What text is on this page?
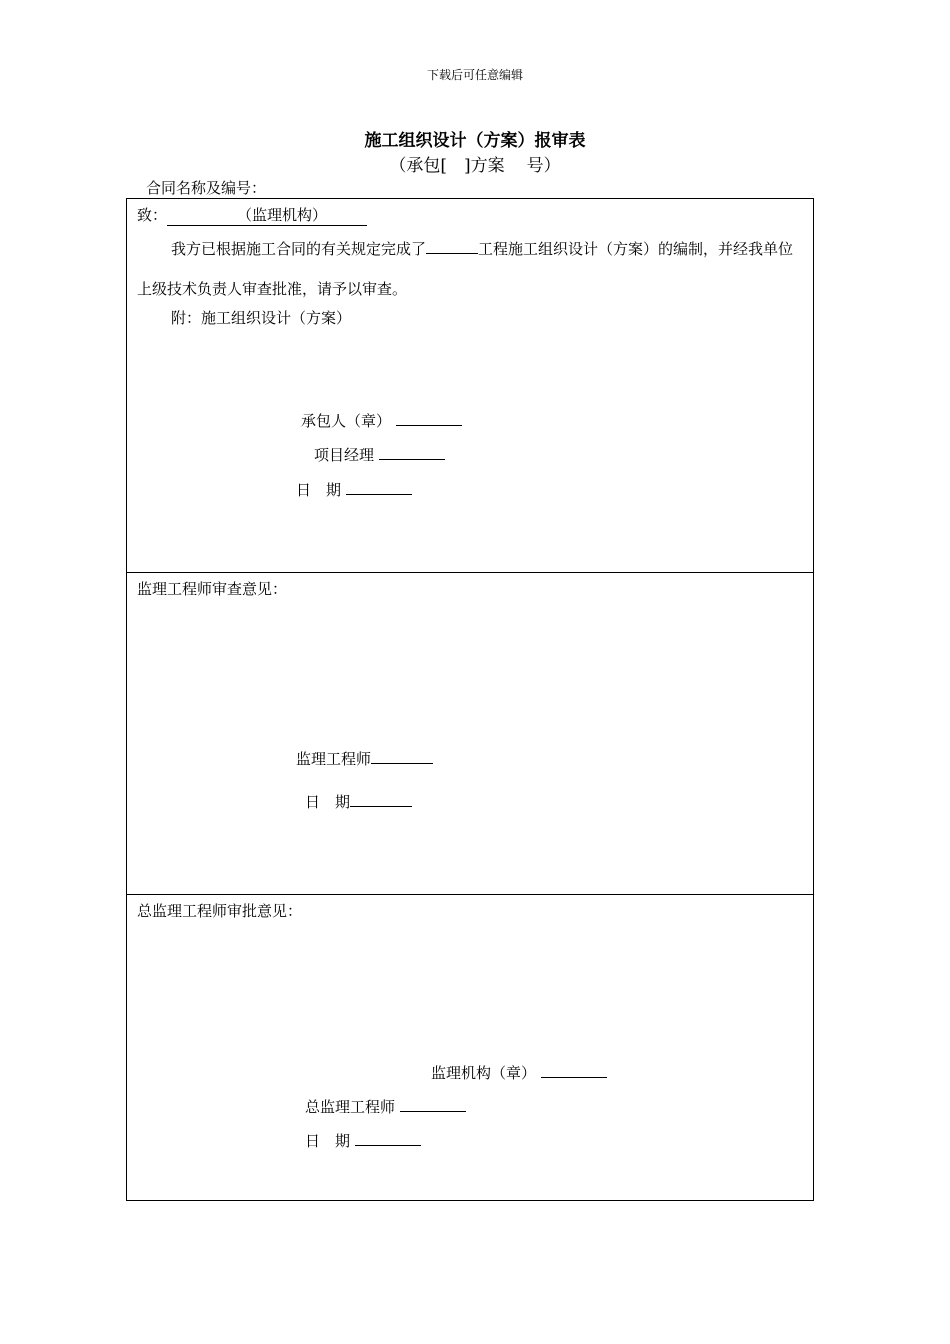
下载后可任意编辑
施工组织设计（方案）报审表
（承包[　]方案 号）
合同名称及编号：
致：	（监理机构）
我方已根据施工合同的有关规定完成了	工程施工组织设计（方案）的编制，并经我单位上级技术负责人审查批准，请予以审查。
附：施工组织设计（方案）
承包人（章）
项目经理
日　期
监理工程师审查意见：
监理工程师
日　期
总监理工程师审批意见：
监理机构（章）
总监理工程师
日　期
